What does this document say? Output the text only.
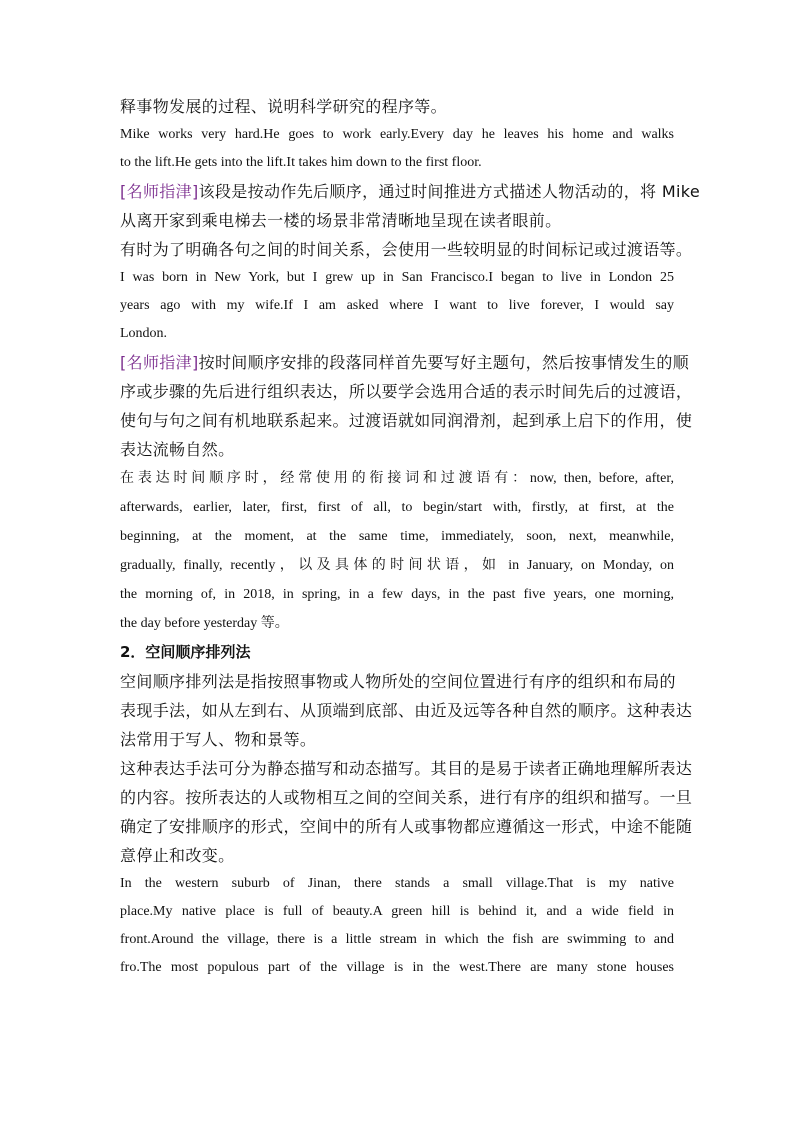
释事物发展的过程、说明科学研究的程序等。
Mike works very hard.He goes to work early.Every day he leaves his home and walks
to the lift.He gets into the lift.It takes him down to the first floor.
[名师指津]该段是按动作先后顺序，通过时间推进方式描述人物活动的，将 Mike
从离开家到乘电梯去一楼的场景非常清晰地呈现在读者眼前。
有时为了明确各句之间的时间关系，会使用一些较明显的时间标记或过渡语等。
I was born in New York, but I grew up in San Francisco.I began to live in London 25
years ago with my wife.If I am asked where I want to live forever, I would say
London.
[名师指津]按时间顺序安排的段落同样首先要写好主题句，然后按事情发生的顺
序或步骤的先后进行组织表达，所以要学会选用合适的表示时间先后的过渡语，
使句与句之间有机地联系起来。过渡语就如同润滑剂，起到承上启下的作用，使
表达流畅自然。
在表达时间顺序时，经常使用的衔接词和过渡语有：now, then, before, after,
afterwards, earlier, later, first, first of all, to begin/start with, firstly, at first, at the
beginning, at the moment, at the same time, immediately, soon, next, meanwhile,
gradually, finally, recently，以及具体的时间状语，如 in January, on Monday, on
the morning of, in 2018, in spring, in a few days, in the past five years, one morning,
the day before yesterday 等。
2．空间顺序排列法
空间顺序排列法是指按照事物或人物所处的空间位置进行有序的组织和布局的
表现手法，如从左到右、从顶端到底部、由近及远等各种自然的顺序。这种表达
法常用于写人、物和景等。
这种表达手法可分为静态描写和动态描写。其目的是易于读者正确地理解所表达
的内容。按所表达的人或物相互之间的空间关系，进行有序的组织和描写。一旦
确定了安排顺序的形式，空间中的所有人或事物都应遵循这一形式，中途不能随
意停止和改变。
In the western suburb of Jinan, there stands a small village.That is my native
place.My native place is full of beauty.A green hill is behind it, and a wide field in
front.Around the village, there is a little stream in which the fish are swimming to and
fro.The most populous part of the village is in the west.There are many stone houses
